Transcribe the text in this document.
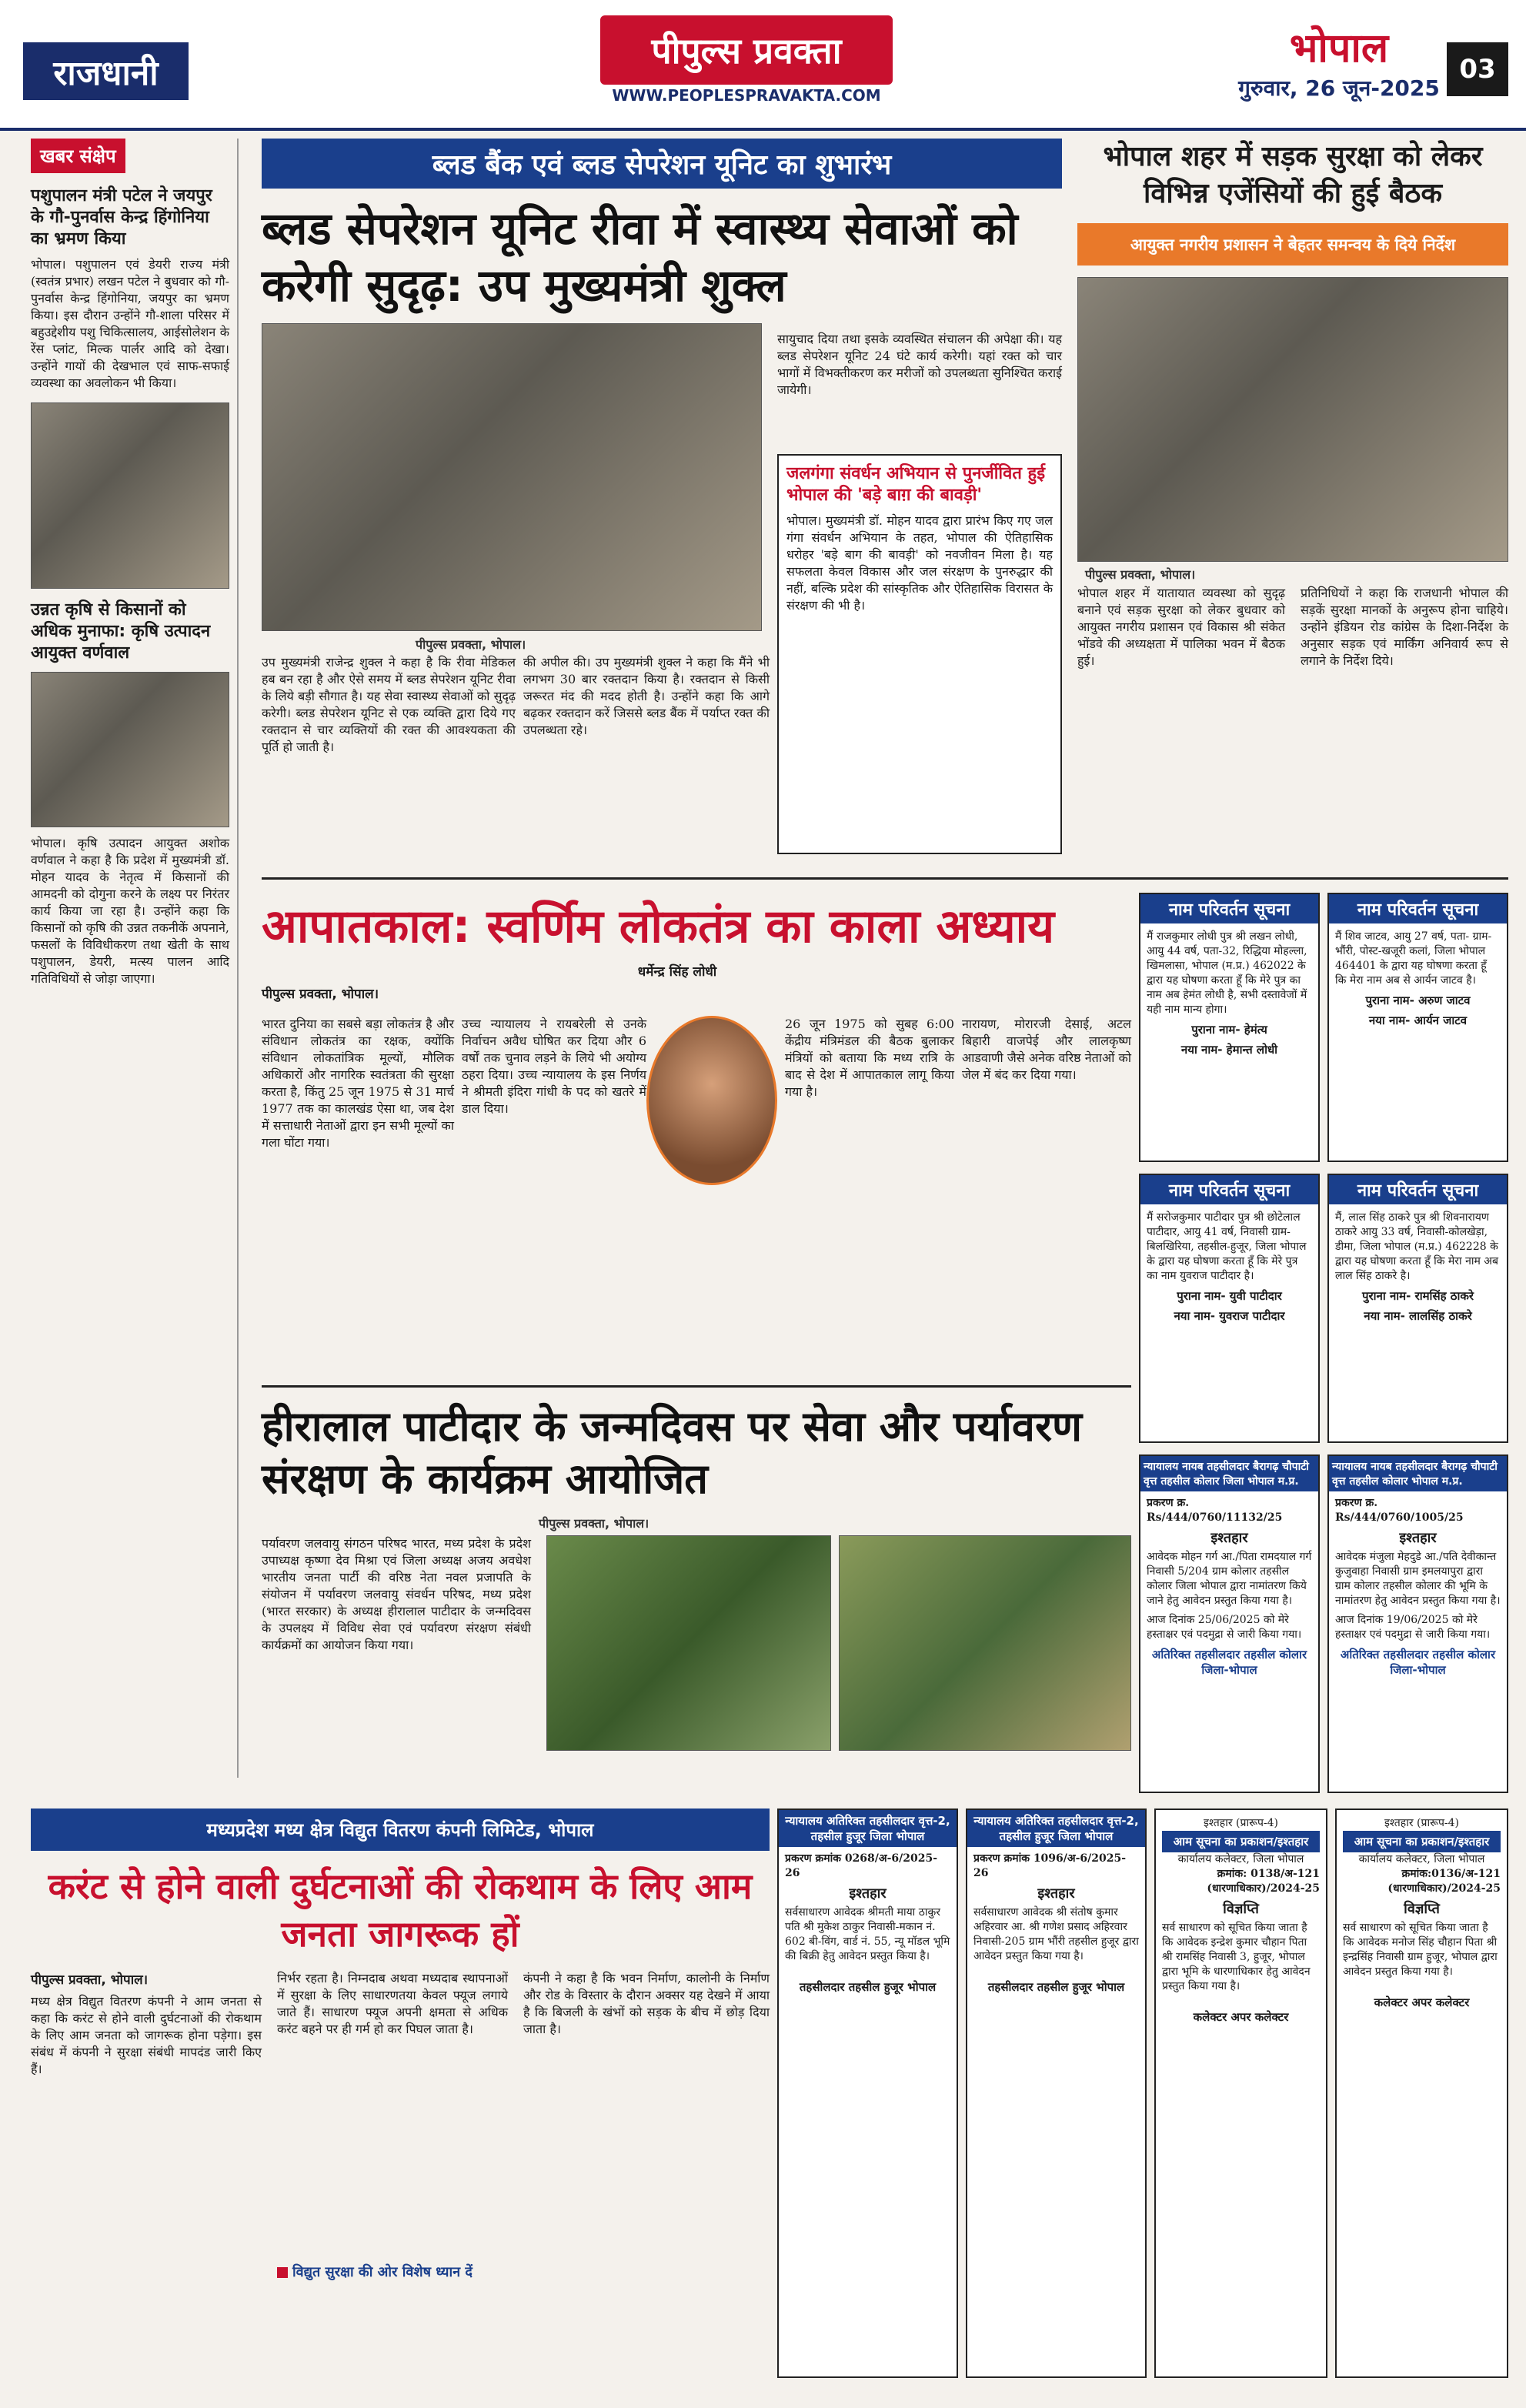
राजधानी
पीपुल्स प्रवक्ता
WWW.PEOPLESPRAVAKTA.COM
भोपाल
गुरुवार, 26 जून-2025
03
खबर संक्षेप
पशुपालन मंत्री पटेल ने जयपुर के गौ-पुनर्वास केन्द्र हिंगोनिया का भ्रमण किया
भोपाल। पशुपालन एवं डेयरी राज्य मंत्री (स्वतंत्र प्रभार) लखन पटेल ने बुधवार को गौ-पुनर्वास केन्द्र हिंगोनिया, जयपुर का भ्रमण किया। इस दौरान उन्होंने गौ-शाला परिसर में बहुउद्देशीय पशु चिकित्सालय, आईसोलेशन के रेंस प्लांट, मिल्क पार्लर आदि को देखा। उन्होंने गायों की देखभाल एवं साफ-सफाई व्यवस्था का अवलोकन भी किया।
उन्नत कृषि से किसानों को अधिक मुनाफा: कृषि उत्पादन आयुक्त वर्णवाल
भोपाल। कृषि उत्पादन आयुक्त अशोक वर्णवाल ने कहा है कि प्रदेश में मुख्यमंत्री डॉ. मोहन यादव के नेतृत्व में किसानों की आमदनी को दोगुना करने के लक्ष्य पर निरंतर कार्य किया जा रहा है। उन्होंने कहा कि किसानों को कृषि की उन्नत तकनीकें अपनाने, फसलों के विविधीकरण तथा खेती के साथ पशुपालन, डेयरी, मत्स्य पालन आदि गतिविधियों से जोड़ा जाएगा।
ब्लड बैंक एवं ब्लड सेपरेशन यूनिट का शुभारंभ
ब्लड सेपरेशन यूनिट रीवा में स्वास्थ्य सेवाओं को करेगी सुदृढ़: उप मुख्यमंत्री शुक्ल
पीपुल्स प्रवक्ता, भोपाल।
उप मुख्यमंत्री राजेन्द्र शुक्ल ने कहा है कि रीवा मेडिकल हब बन रहा है और ऐसे समय में ब्लड सेपरेशन यूनिट रीवा के लिये बड़ी सौगात है। यह सेवा स्वास्थ्य सेवाओं को सुदृढ़ करेगी। ब्लड सेपरेशन यूनिट से एक व्यक्ति द्वारा दिये गए रक्तदान से चार व्यक्तियों की रक्त की आवश्यकता की पूर्ति हो जाती है।
की अपील की। उप मुख्यमंत्री शुक्ल ने कहा कि मैंने भी लगभग 30 बार रक्तदान किया है। रक्तदान से किसी जरूरत मंद की मदद होती है। उन्होंने कहा कि आगे बढ़कर रक्तदान करें जिससे ब्लड बैंक में पर्याप्त रक्त की उपलब्धता रहे।
सायुचाद दिया तथा इसके व्यवस्थित संचालन की अपेक्षा की। यह ब्लड सेपरेशन यूनिट 24 घंटे कार्य करेगी। यहां रक्त को चार भागों में विभक्तीकरण कर मरीजों को उपलब्धता सुनिश्चित कराई जायेगी।
जलगंगा संवर्धन अभियान से पुनर्जीवित हुई भोपाल की 'बड़े बाग़ की बावड़ी'
भोपाल। मुख्यमंत्री डॉ. मोहन यादव द्वारा प्रारंभ किए गए जल गंगा संवर्धन अभियान के तहत, भोपाल की ऐतिहासिक धरोहर 'बड़े बाग की बावड़ी' को नवजीवन मिला है। यह सफलता केवल विकास और जल संरक्षण के पुनरुद्धार की नहीं, बल्कि प्रदेश की सांस्कृतिक और ऐतिहासिक विरासत के संरक्षण की भी है।
भोपाल शहर में सड़क सुरक्षा को लेकर विभिन्न एजेंसियों की हुई बैठक
आयुक्त नगरीय प्रशासन ने बेहतर समन्वय के दिये निर्देश
पीपुल्स प्रवक्ता, भोपाल।
भोपाल शहर में यातायात व्यवस्था को सुदृढ़ बनाने एवं सड़क सुरक्षा को लेकर बुधवार को आयुक्त नगरीय प्रशासन एवं विकास श्री संकेत भोंडवे की अध्यक्षता में पालिका भवन में बैठक हुई।
प्रतिनिधियों ने कहा कि राजधानी भोपाल की सड़कें सुरक्षा मानकों के अनुरूप होना चाहिये। उन्होंने इंडियन रोड कांग्रेस के दिशा-निर्देश के अनुसार सड़क एवं मार्किंग अनिवार्य रूप से लगाने के निर्देश दिये।
आपातकाल: स्वर्णिम लोकतंत्र का काला अध्याय
धर्मेन्द्र सिंह लोधी
पीपुल्स प्रवक्ता, भोपाल।
भारत दुनिया का सबसे बड़ा लोकतंत्र है और संविधान लोकतंत्र का रक्षक, क्योंकि संविधान लोकतांत्रिक मूल्यों, मौलिक अधिकारों और नागरिक स्वतंत्रता की सुरक्षा करता है, किंतु 25 जून 1975 से 31 मार्च 1977 तक का कालखंड ऐसा था, जब देश में सत्ताधारी नेताओं द्वारा इन सभी मूल्यों का गला घोंटा गया।
उच्च न्यायालय ने रायबरेली से उनके निर्वाचन अवैध घोषित कर दिया और 6 वर्षों तक चुनाव लड़ने के लिये भी अयोग्य ठहरा दिया। उच्च न्यायालय के इस निर्णय ने श्रीमती इंदिरा गांधी के पद को खतरे में डाल दिया।
26 जून 1975 को सुबह 6:00 केंद्रीय मंत्रिमंडल की बैठक बुलाकर मंत्रियों को बताया कि मध्य रात्रि के बाद से देश में आपातकाल लागू किया गया है।
नारायण, मोरारजी देसाई, अटल बिहारी वाजपेई और लालकृष्ण आडवाणी जैसे अनेक वरिष्ठ नेताओं को जेल में बंद कर दिया गया।
नाम परिवर्तन सूचना
मैं राजकुमार लोधी पुत्र श्री लखन लोधी, आयु 44 वर्ष, पता-32, रिद्धिया मोहल्ला, खिमलासा, भोपाल (म.प्र.) 462022 के द्वारा यह घोषणा करता हूँ कि मेरे पुत्र का नाम अब हेमंत लोधी है, सभी दस्तावेजों में यही नाम मान्य होगा।
पुराना नाम- हेमंत्य
नया नाम- हेमान्त लोधी
नाम परिवर्तन सूचना
मैं शिव जाटव, आयु 27 वर्ष, पता- ग्राम-भौंरी, पोस्ट-खजूरी कलां, जिला भोपाल 464401 के द्वारा यह घोषणा करता हूँ कि मेरा नाम अब से आर्यन जाटव है।
पुराना नाम- अरुण जाटव
नया नाम- आर्यन जाटव
नाम परिवर्तन सूचना
मैं सरोजकुमार पाटीदार पुत्र श्री छोटेलाल पाटीदार, आयु 41 वर्ष, निवासी ग्राम-बिलखिरिया, तहसील-हुजूर, जिला भोपाल के द्वारा यह घोषणा करता हूँ कि मेरे पुत्र का नाम युवराज पाटीदार है।
पुराना नाम- युवी पाटीदार
नया नाम- युवराज पाटीदार
नाम परिवर्तन सूचना
मैं, लाल सिंह ठाकरे पुत्र श्री शिवनारायण ठाकरे आयु 33 वर्ष, निवासी-कोलखेड़ा, डीमा, जिला भोपाल (म.प्र.) 462228 के द्वारा यह घोषणा करता हूँ कि मेरा नाम अब लाल सिंह ठाकरे है।
पुराना नाम- रामसिंह ठाकरे
नया नाम- लालसिंह ठाकरे
हीरालाल पाटीदार के जन्मदिवस पर सेवा और पर्यावरण संरक्षण के कार्यक्रम आयोजित
पीपुल्स प्रवक्ता, भोपाल।
पर्यावरण जलवायु संगठन परिषद भारत, मध्य प्रदेश के प्रदेश उपाध्यक्ष कृष्णा देव मिश्रा एवं जिला अध्यक्ष अजय अवधेश भारतीय जनता पार्टी की वरिष्ठ नेता नवल प्रजापति के संयोजन में पर्यावरण जलवायु संवर्धन परिषद, मध्य प्रदेश (भारत सरकार) के अध्यक्ष हीरालाल पाटीदार के जन्मदिवस के उपलक्ष्य में विविध सेवा एवं पर्यावरण संरक्षण संबंधी कार्यक्रमों का आयोजन किया गया।
न्यायालय नायब तहसीलदार बैरागढ़ चौपाटी वृत्त तहसील कोलार जिला भोपाल म.प्र.
प्रकरण क्र. Rs/444/0760/11132/25
इश्तहार
आवेदक मोहन गर्ग आ./पिता रामदयाल गर्ग निवासी 5/204 ग्राम कोलार तहसील कोलार जिला भोपाल द्वारा नामांतरण किये जाने हेतु आवेदन प्रस्तुत किया गया है।
आज दिनांक 25/06/2025 को मेरे हस्ताक्षर एवं पदमुद्रा से जारी किया गया।
अतिरिक्त तहसीलदार तहसील कोलार जिला-भोपाल
न्यायालय नायब तहसीलदार बैरागढ़ चौपाटी वृत्त तहसील कोलार भोपाल म.प्र.
प्रकरण क्र. Rs/444/0760/1005/25
इश्तहार
आवेदक मंजुला मेहदुडे आ./पति देवीकान्त कुजुवाहा निवासी ग्राम इमलयापुरा द्वारा ग्राम कोलार तहसील कोलार की भूमि के नामांतरण हेतु आवेदन प्रस्तुत किया गया है।
आज दिनांक 19/06/2025 को मेरे हस्ताक्षर एवं पदमुद्रा से जारी किया गया।
अतिरिक्त तहसीलदार तहसील कोलार जिला-भोपाल
मध्यप्रदेश मध्य क्षेत्र विद्युत वितरण कंपनी लिमिटेड, भोपाल
करंट से होने वाली दुर्घटनाओं की रोकथाम के लिए आम जनता जागरूक हों
पीपुल्स प्रवक्ता, भोपाल।
मध्य क्षेत्र विद्युत वितरण कंपनी ने आम जनता से कहा कि करंट से होने वाली दुर्घटनाओं की रोकथाम के लिए आम जनता को जागरूक होना पड़ेगा। इस संबंध में कंपनी ने सुरक्षा संबंधी मापदंड जारी किए हैं।
निर्भर रहता है। निम्नदाब अथवा मध्यदाब स्थापनाओं में सुरक्षा के लिए साधारणतया केवल फ्यूज लगाये जाते हैं। साधारण फ्यूज अपनी क्षमता से अधिक करंट बहने पर ही गर्म हो कर पिघल जाता है।
विद्युत सुरक्षा की ओर विशेष ध्यान दें
कंपनी ने कहा है कि भवन निर्माण, कालोनी के निर्माण और रोड के विस्तार के दौरान अक्सर यह देखने में आया है कि बिजली के खंभों को सड़क के बीच में छोड़ दिया जाता है।
न्यायालय अतिरिक्त तहसीलदार वृत्त-2, तहसील हुजूर जिला भोपाल
प्रकरण क्रमांक 0268/अ-6/2025-26
इश्तहार
सर्वसाधारण आवेदक श्रीमती माया ठाकुर पति श्री मुकेश ठाकुर निवासी-मकान नं. 602 बी-विंग, वार्ड नं. 55, न्यू मॉडल भूमि की बिक्री हेतु आवेदन प्रस्तुत किया है।
तहसीलदार तहसील हुजूर भोपाल
न्यायालय अतिरिक्त तहसीलदार वृत्त-2, तहसील हुजूर जिला भोपाल
प्रकरण क्रमांक 1096/अ-6/2025-26
इश्तहार
सर्वसाधारण आवेदक श्री संतोष कुमार अहिरवार आ. श्री गणेश प्रसाद अहिरवार निवासी-205 ग्राम भौंरी तहसील हुजूर द्वारा आवेदन प्रस्तुत किया गया है।
तहसीलदार तहसील हुजूर भोपाल
इश्तहार (प्रारूप-4)
आम सूचना का प्रकाशन/इश्तहार
कार्यालय कलेक्टर, जिला भोपाल
क्रमांक: 0138/अ-121 (धारणाधिकार)/2024-25
विज्ञप्ति
सर्व साधारण को सूचित किया जाता है कि आवेदक इन्द्रेश कुमार चौहान पिता श्री रामसिंह निवासी 3, हुजूर, भोपाल द्वारा भूमि के धारणाधिकार हेतु आवेदन प्रस्तुत किया गया है।
कलेक्टर अपर कलेक्टर
इश्तहार (प्रारूप-4)
आम सूचना का प्रकाशन/इश्तहार
कार्यालय कलेक्टर, जिला भोपाल
क्रमांक:0136/अ-121 (धारणाधिकार)/2024-25
विज्ञप्ति
सर्व साधारण को सूचित किया जाता है कि आवेदक मनोज सिंह चौहान पिता श्री इन्द्रसिंह निवासी ग्राम हुजूर, भोपाल द्वारा आवेदन प्रस्तुत किया गया है।
कलेक्टर अपर कलेक्टर
